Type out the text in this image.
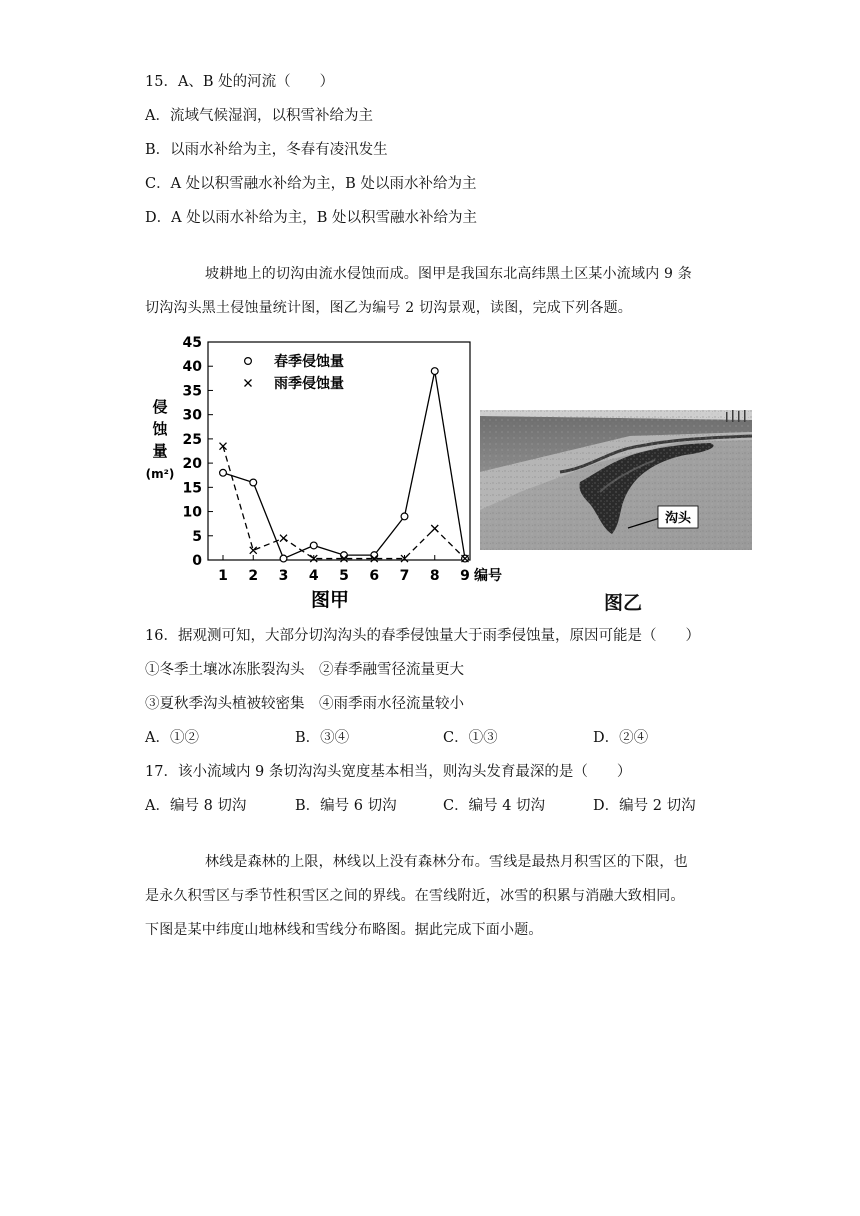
15．A、B 处的河流（　　）
A．流域气候湿润，以积雪补给为主
B．以雨水补给为主，冬春有凌汛发生
C．A 处以积雪融水补给为主，B 处以雨水补给为主
D．A 处以雨水补给为主，B 处以积雪融水补给为主
坡耕地上的切沟由流水侵蚀而成。图甲是我国东北高纬黑土区某小流域内 9 条
切沟沟头黑土侵蚀量统计图，图乙为编号 2 切沟景观，读图，完成下列各题。
春季侵蚀量
雨季侵蚀量
0
5
10
15
20
25
30
35
40
45
1 2 3 4 5 6 7 8 9 编号
侵
蚀
量
(m²)
图甲
沟头
图乙
16．据观测可知，大部分切沟沟头的春季侵蚀量大于雨季侵蚀量，原因可能是（　　）
①冬季土壤冰冻胀裂沟头　②春季融雪径流量更大
③夏秋季沟头植被较密集　④雨季雨水径流量较小
A．①②	B．③④	C．①③	D．②④
17．该小流域内 9 条切沟沟头宽度基本相当，则沟头发育最深的是（　　）
A．编号 8 切沟	B．编号 6 切沟	C．编号 4 切沟	D．编号 2 切沟
林线是森林的上限，林线以上没有森林分布。雪线是最热月积雪区的下限，也
是永久积雪区与季节性积雪区之间的界线。在雪线附近，冰雪的积累与消融大致相同。
下图是某中纬度山地林线和雪线分布略图。据此完成下面小题。
